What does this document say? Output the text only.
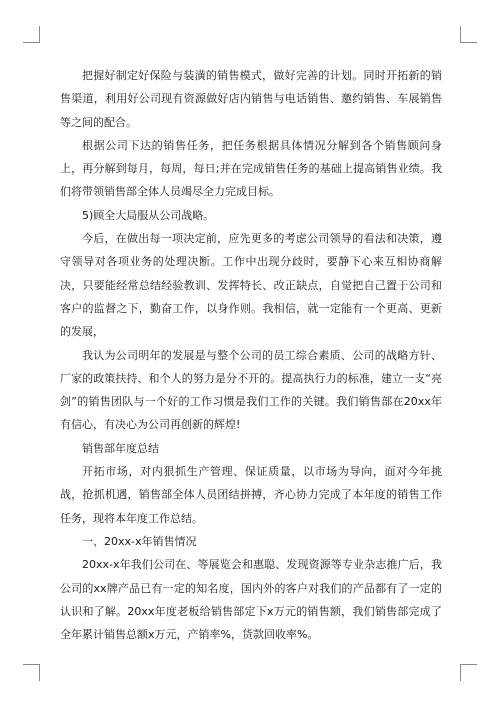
把握好制定好保险与装潢的销售模式，做好完善的计划。同时开拓新的销售渠道，利用好公司现有资源做好店内销售与电话销售、邀约销售、车展销售等之间的配合。

根据公司下达的销售任务，把任务根据具体情况分解到各个销售顾问身上，再分解到每月，每周，每日;并在完成销售任务的基础上提高销售业绩。我们将带领销售部全体人员竭尽全力完成目标。

5)顾全大局服从公司战略。

今后，在做出每一项决定前，应先更多的考虑公司领导的看法和决策，遵守领导对各项业务的处理决断。工作中出现分歧时，要静下心来互相协商解决，只要能经常总结经验教训、发挥特长、改正缺点，自觉把自己置于公司和客户的监督之下，勤奋工作，以身作则。我相信，就一定能有一个更高、更新的发展，

我认为公司明年的发展是与整个公司的员工综合素质、公司的战略方针、厂家的政策扶持、和个人的努力是分不开的。提高执行力的标准，建立一支“亮剑”的销售团队与一个好的工作习惯是我们工作的关键。我们销售部在20xx年有信心，有决心为公司再创新的辉煌!

销售部年度总结

开拓市场，对内狠抓生产管理、保证质量，以市场为导向，面对今年挑战，抢抓机遇，销售部全体人员团结拼搏，齐心协力完成了本年度的销售工作任务，现将本年度工作总结。

一、20xx-x年销售情况

20xx-x年我们公司在、等展览会和惠聪、发现资源等专业杂志推广后，我公司的xx牌产品已有一定的知名度，国内外的客户对我们的产品都有了一定的认识和了解。20xx年度老板给销售部定下x万元的销售额，我们销售部完成了全年累计销售总额x万元，产销率%，货款回收率%。
